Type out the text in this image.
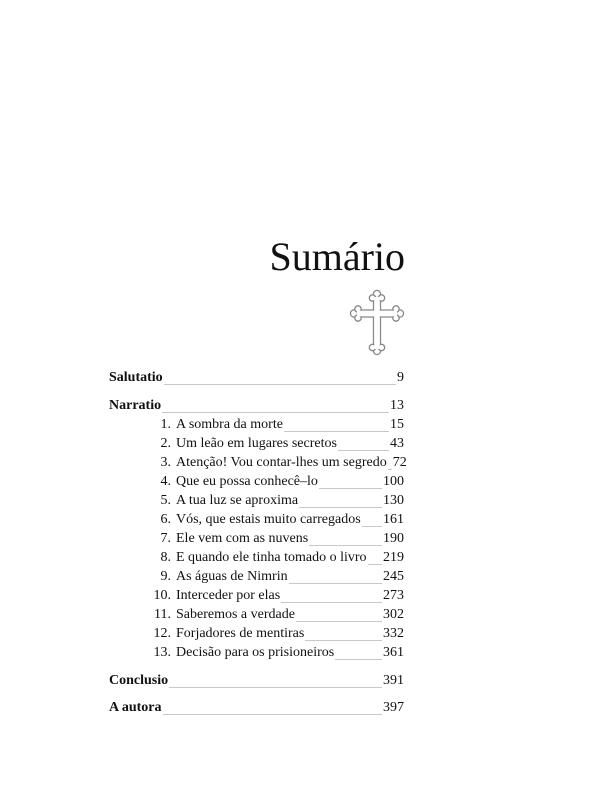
Sumário
Salutatio	9
Narratio	13
1. A sombra da morte	15
2. Um leão em lugares secretos	43
3. Atenção! Vou contar-lhes um segredo 72
4. Que eu possa conhecê–lo	100
5. A tua luz se aproxima	130
6. Vós, que estais muito carregados 161
7. Ele vem com as nuvens	190
8. E quando ele tinha tomado o livro 219
9. As águas de Nimrin	245
10. Interceder por elas	273
11. Saberemos a verdade	302
12. Forjadores de mentiras	332
13. Decisão para os prisioneiros	361
Conclusio	391
A autora	397
